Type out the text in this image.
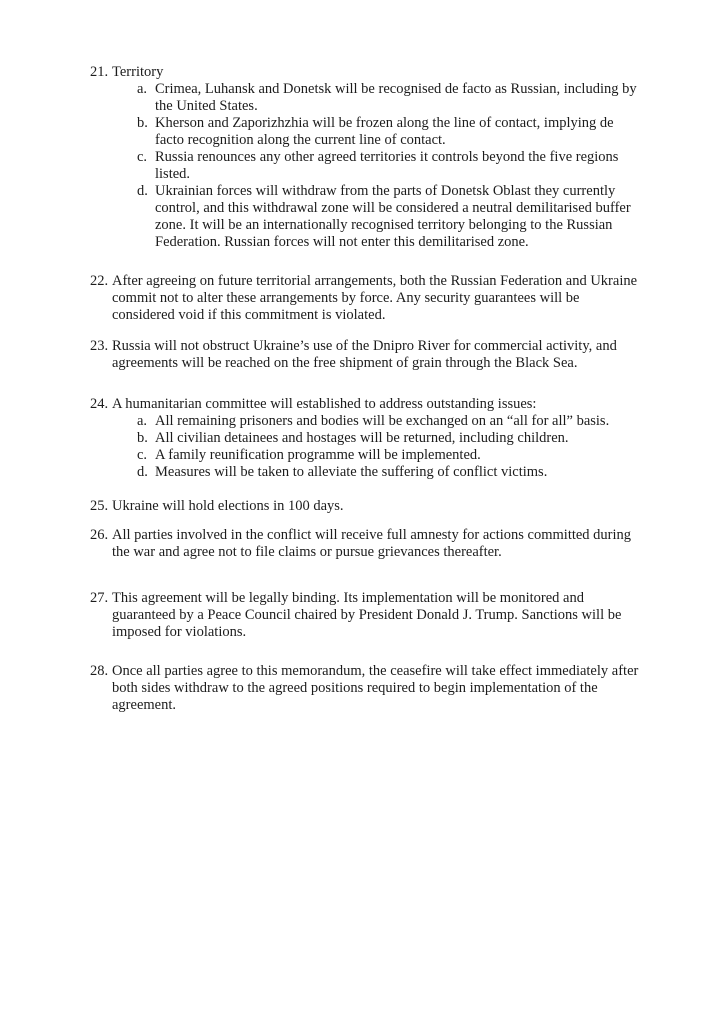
21. Territory
a. Crimea, Luhansk and Donetsk will be recognised de facto as Russian, including by the United States.
b. Kherson and Zaporizhzhia will be frozen along the line of contact, implying de facto recognition along the current line of contact.
c. Russia renounces any other agreed territories it controls beyond the five regions listed.
d. Ukrainian forces will withdraw from the parts of Donetsk Oblast they currently control, and this withdrawal zone will be considered a neutral demilitarised buffer zone. It will be an internationally recognised territory belonging to the Russian Federation. Russian forces will not enter this demilitarised zone.
22. After agreeing on future territorial arrangements, both the Russian Federation and Ukraine commit not to alter these arrangements by force. Any security guarantees will be considered void if this commitment is violated.
23. Russia will not obstruct Ukraine’s use of the Dnipro River for commercial activity, and agreements will be reached on the free shipment of grain through the Black Sea.
24. A humanitarian committee will established to address outstanding issues:
a. All remaining prisoners and bodies will be exchanged on an “all for all” basis.
b. All civilian detainees and hostages will be returned, including children.
c. A family reunification programme will be implemented.
d. Measures will be taken to alleviate the suffering of conflict victims.
25. Ukraine will hold elections in 100 days.
26. All parties involved in the conflict will receive full amnesty for actions committed during the war and agree not to file claims or pursue grievances thereafter.
27. This agreement will be legally binding. Its implementation will be monitored and guaranteed by a Peace Council chaired by President Donald J. Trump. Sanctions will be imposed for violations.
28. Once all parties agree to this memorandum, the ceasefire will take effect immediately after both sides withdraw to the agreed positions required to begin implementation of the agreement.
